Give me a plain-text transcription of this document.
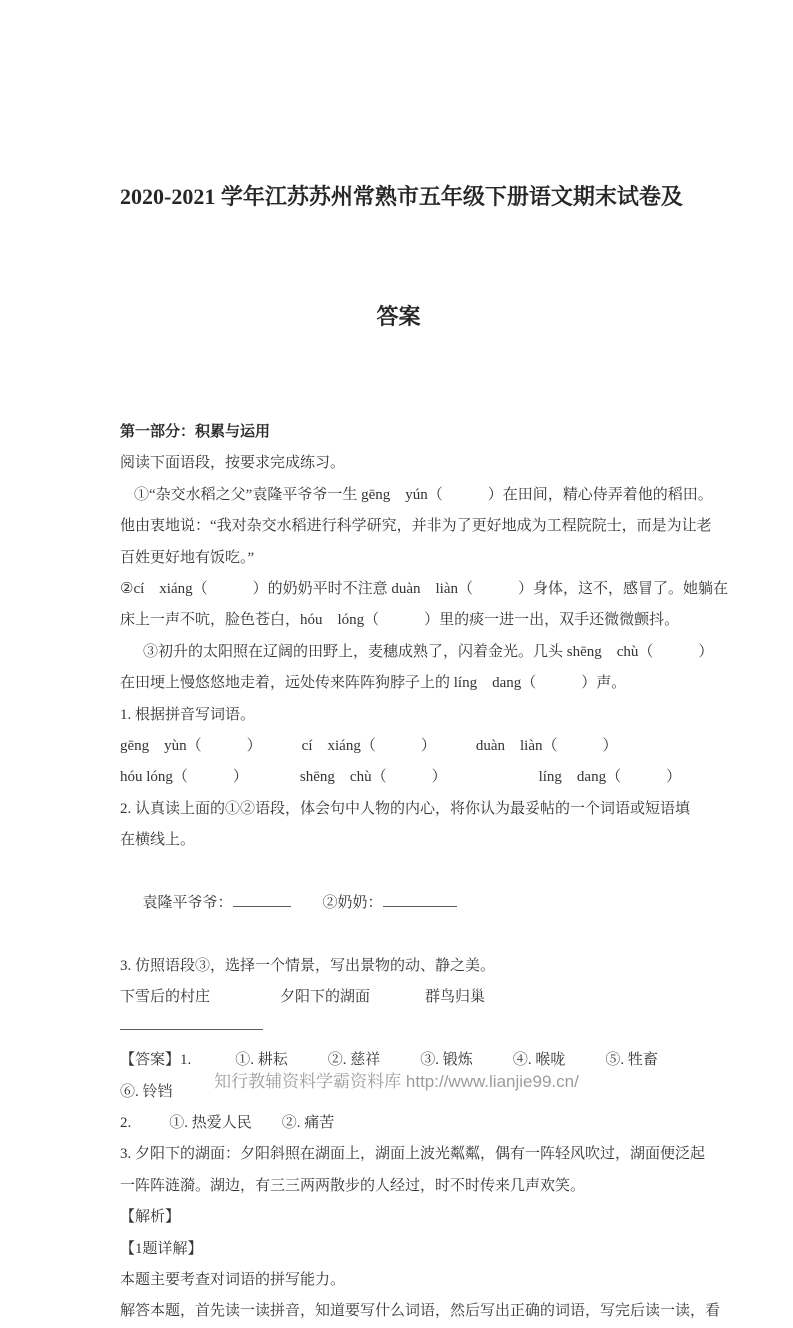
2020-2021 学年江苏苏州常熟市五年级下册语文期末试卷及

答案

第一部分：积累与运用
阅读下面语段，按要求完成练习。
①“杂交水稻之父”袁隆平爷爷一生 gēng　yún（　　　）在田间，精心侍弄着他的稻田。
他由衷地说：“我对杂交水稻进行科学研究，并非为了更好地成为工程院院士，而是为让老
百姓更好地有饭吃。”
②cí　xiáng（　　　）的奶奶平时不注意 duàn　liàn（　　　）身体，这不，感冒了。她躺在
床上一声不吭，脸色苍白，hóu　lóng（　　　）里的痰一进一出，双手还微微颤抖。
③初升的太阳照在辽阔的田野上，麦穗成熟了，闪着金光。几头 shēng　chù（　　　）
在田埂上慢悠悠地走着，远处传来阵阵狗脖子上的 líng　dang（　　　）声。
1. 根据拼音写词语。
gēng　yùn（　　　）	cí　xiáng（　　　）	duàn　liàn（　　　）
hóu lóng（　　　）	shēng　chù（　　　）	líng　dang（　　　）
2. 认真读上面的①②语段，体会句中人物的内心，将你认为最妥帖的一个词语或短语填
在横线上。

袁隆平爷爷：	②奶奶：

3. 仿照语段③，选择一个情景，写出景物的动、静之美。
下雪后的村庄	夕阳下的湖面	群鸟归巢
【答案】1.	①. 耕耘	②. 慈祥	③. 锻炼	④. 喉咙	⑤. 牲畜
⑥. 铃铛
2.	①. 热爱人民 ②. 痛苦
3. 夕阳下的湖面：夕阳斜照在湖面上，湖面上波光粼粼，偶有一阵轻风吹过，湖面便泛起
一阵阵涟漪。湖边，有三三两两散步的人经过，时不时传来几声欢笑。
【解析】
【1题详解】
本题主要考查对词语的拼写能力。
解答本题，首先读一读拼音，知道要写什么词语，然后写出正确的词语，写完后读一读，看
知行教辅资料学霸资料库 http://www.lianjie99.cn/
